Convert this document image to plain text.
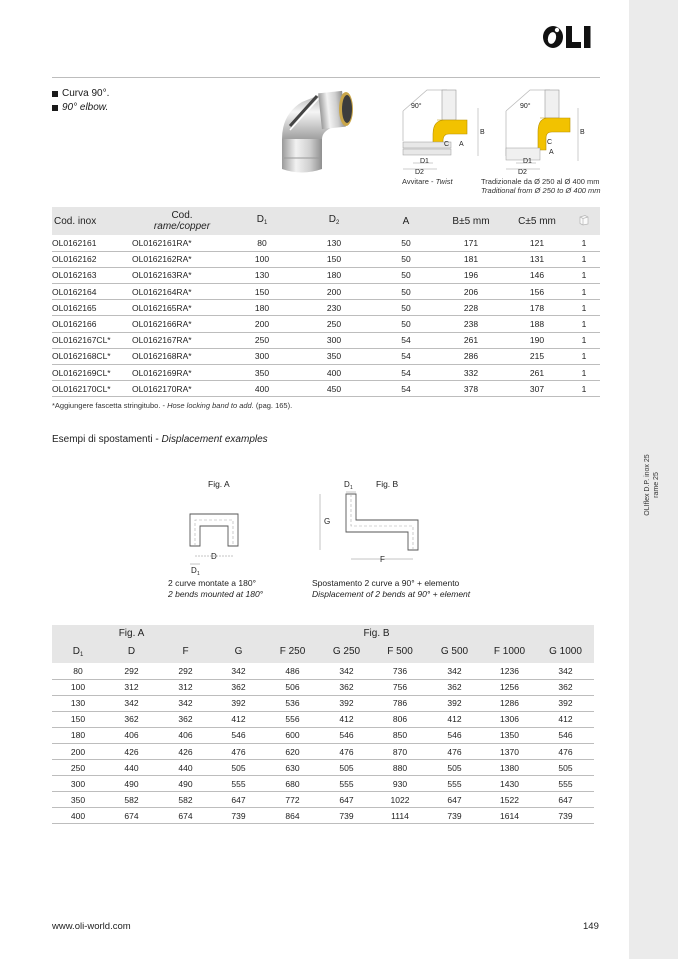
OLIflex D.P. inox 25 rame 25
Curva 90°.
90° elbow.	90°
C A
B
D1
D2
90°
C
A
B
D1
D2
Avvitare - Twist	Tradizionale da Ø 250 al Ø 400 mm
Traditional from Ø 250 to Ø 400 mm
Cod. inox	Cod.
rame/copper	$D_1$	$D_2$	A	B±5 mm	C±5 mm	
OL0162161	OL0162161RA*	80	130	50	171	121	1
OL0162162	OL0162162RA*	100	150	50	181	131	1
OL0162163	OL0162163RA*	130	180	50	196	146	1
OL0162164	OL0162164RA*	150	200	50	206	156	1
OL0162165	OL0162165RA*	180	230	50	228	178	1
OL0162166	OL0162166RA*	200	250	50	238	188	1
OL0162167CL*	OL0162167RA*	250	300	54	261	190	1
OL0162168CL*	OL0162168RA*	300	350	54	286	215	1
OL0162169CL*	OL0162169RA*	350	400	54	332	261	1
OL0162170CL*	OL0162170RA*	400	450	54	378	307	1
*Aggiungere fascetta stringitubo. - Hose locking band to add. (pag. 165).
Esempi di spostamenti - Displacement examples
Fig. A	Fig. B
D
D 1
D 1
G
F
2 curve montate a 180°
2 bends mounted at 180°
Spostamento 2 curve a 90° + elemento
Displacement of 2 bends at 90° + element
	Fig. A	Fig. B							
$D_1$	D	F	G	F 250	G 250	F 500	G 500	F 1000	G 1000
80	292	292	342	486	342	736	342	1236	342
100	312	312	362	506	362	756	362	1256	362
130	342	342	392	536	392	786	392	1286	392
150	362	362	412	556	412	806	412	1306	412
180	406	406	546	600	546	850	546	1350	546
200	426	426	476	620	476	870	476	1370	476
250	440	440	505	630	505	880	505	1380	505
300	490	490	555	680	555	930	555	1430	555
350	582	582	647	772	647	1022	647	1522	647
400	674	674	739	864	739	1114	739	1614	739
www.oli-world.com	149
